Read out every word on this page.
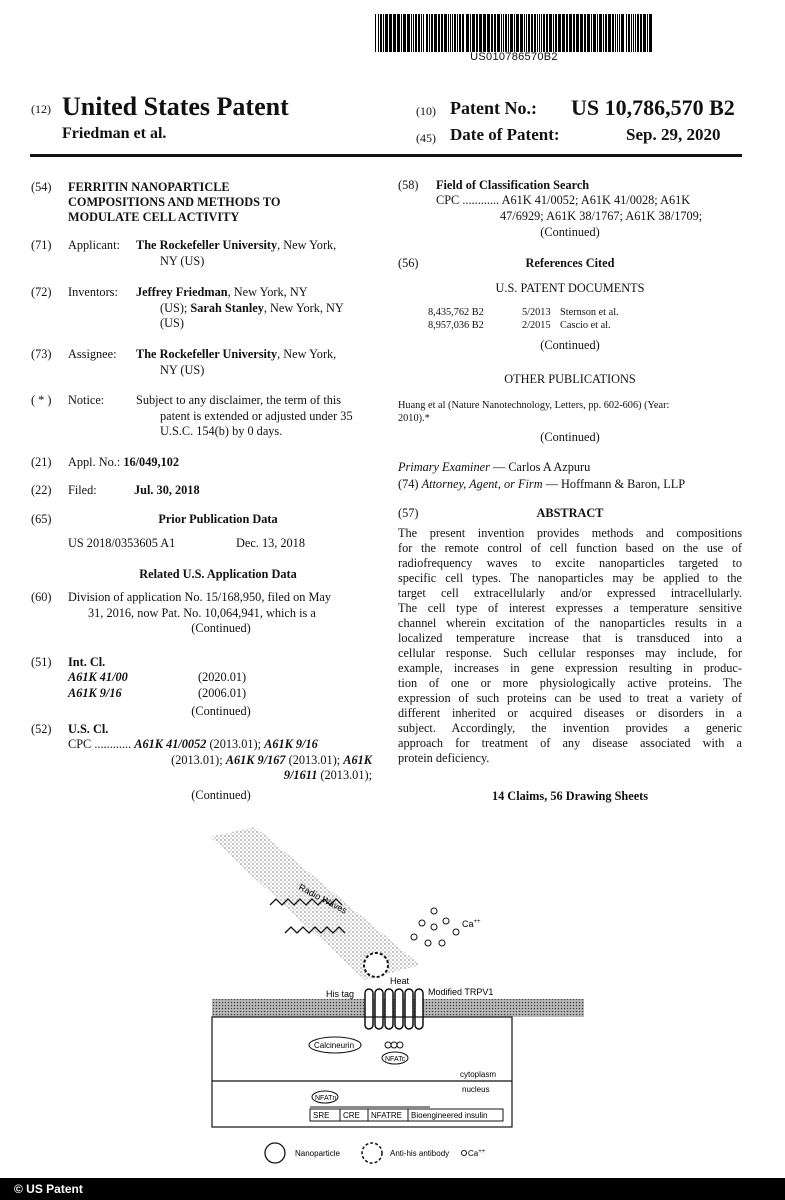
US010786570B2
(12) United States Patent
Friedman et al.
(10) Patent No.: US 10,786,570 B2
(45) Date of Patent:	Sep. 29, 2020
(54) FERRITIN NANOPARTICLE
COMPOSITIONS AND METHODS TO
MODULATE CELL ACTIVITY
(71) Applicant: The Rockefeller University, New York,
NY (US)
(72) Inventors: Jeffrey Friedman, New York, NY
(US); Sarah Stanley, New York, NY
(US)
(73) Assignee: The Rockefeller University, New York,
NY (US)
( * ) Notice:	Subject to any disclaimer, the term of this
patent is extended or adjusted under 35
U.S.C. 154(b) by 0 days.
(21) Appl. No.: 16/049,102
(22) Filed:	Jul. 30, 2018
(65)	Prior Publication Data
US 2018/0353605 A1	Dec. 13, 2018
Related U.S. Application Data
(60) Division of application No. 15/168,950, filed on May
31, 2016, now Pat. No. 10,064,941, which is a
(Continued)
(51) Int. Cl.
A61K 41/00	(2020.01)
A61K 9/16	(2006.01)
(Continued)
(52) U.S. Cl.
CPC ............ A61K 41/0052 (2013.01); A61K 9/16
(2013.01); A61K 9/167 (2013.01); A61K
9/1611 (2013.01);
(Continued)
(58) Field of Classification Search
CPC ............ A61K 41/0052; A61K 41/0028; A61K
47/6929; A61K 38/1767; A61K 38/1709;
(Continued)
(56)	References Cited
U.S. PATENT DOCUMENTS
8,435,762 B2	5/2013 Sternson et al.
8,957,036 B2	2/2015 Cascio et al.
(Continued)
OTHER PUBLICATIONS
Huang et al (Nature Nanotechnology, Letters, pp. 602-606) (Year:
2010).*
(Continued)
Primary Examiner — Carlos A Azpuru
(74) Attorney, Agent, or Firm — Hoffmann & Baron, LLP
(57)	ABSTRACT

The present invention provides methods and compositions

for the remote control of cell function based on the use of

radiofrequency waves to excite nanoparticles targeted to

specific cell types. The nanoparticles may be applied to the

target cell extracellularly and/or expressed intracellularly.

The cell type of interest expresses a temperature sensitive

channel wherein excitation of the nanoparticles results in a

localized temperature increase that is transduced into a

cellular response. Such cellular responses may include, for

example, increases in gene expression resulting in produc-

tion of one or more physiologically active proteins. The

expression of such proteins can be used to treat a variety of

different inherited or acquired diseases or disorders in a

subject. Accordingly, the invention provides a generic

approach for treatment of any disease associated with a

protein deficiency.

14 Claims, 56 Drawing Sheets
Radio Waves
Ca++
His tag
Heat
Modified TRPV1
cytoplasm
nucleus
Calcineurin
NFATc
NFATn
SRE CRE NFATRE Bioengineered insulin
Nanoparticle	Anti-his antibody Ca++
© US Patent
